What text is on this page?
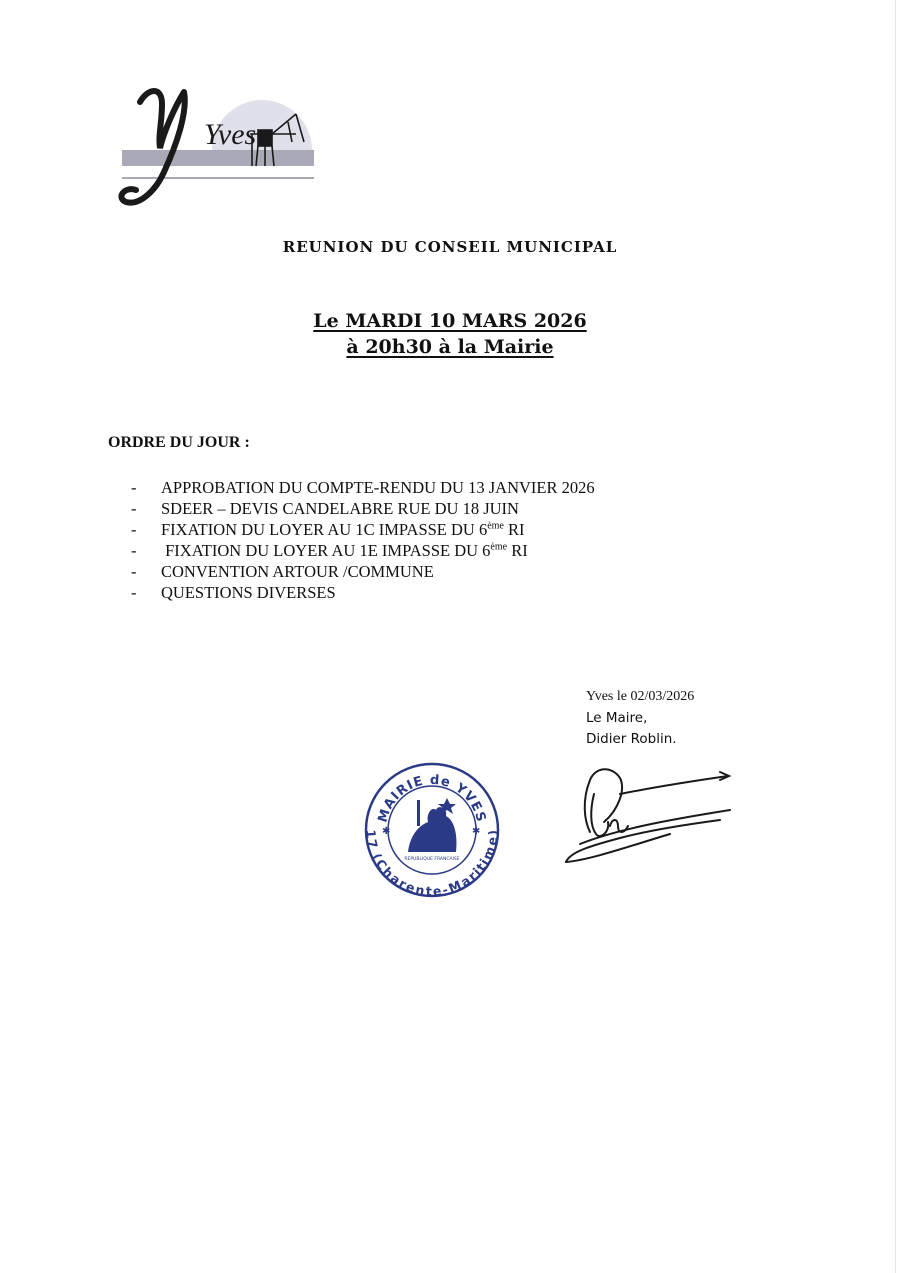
Yves
REUNION DU CONSEIL MUNICIPAL
Le MARDI 10 MARS 2026
à 20h30 à la Mairie
ORDRE DU JOUR :
-	APPROBATION DU COMPTE-RENDU DU 13 JANVIER 2026
-	SDEER – DEVIS CANDELABRE RUE DU 18 JUIN
-	FIXATION DU LOYER AU 1C IMPASSE DU 6ème RI
-	FIXATION DU LOYER AU 1E IMPASSE DU 6ème RI
-	CONVENTION ARTOUR /COMMUNE
-	QUESTIONS DIVERSES
Yves le 02/03/2026
Le Maire,
Didier Roblin.
MAIRIE de YVES
17 (Charente-Maritime)
✱	✱
REPUBLIQUE FRANCAISE
